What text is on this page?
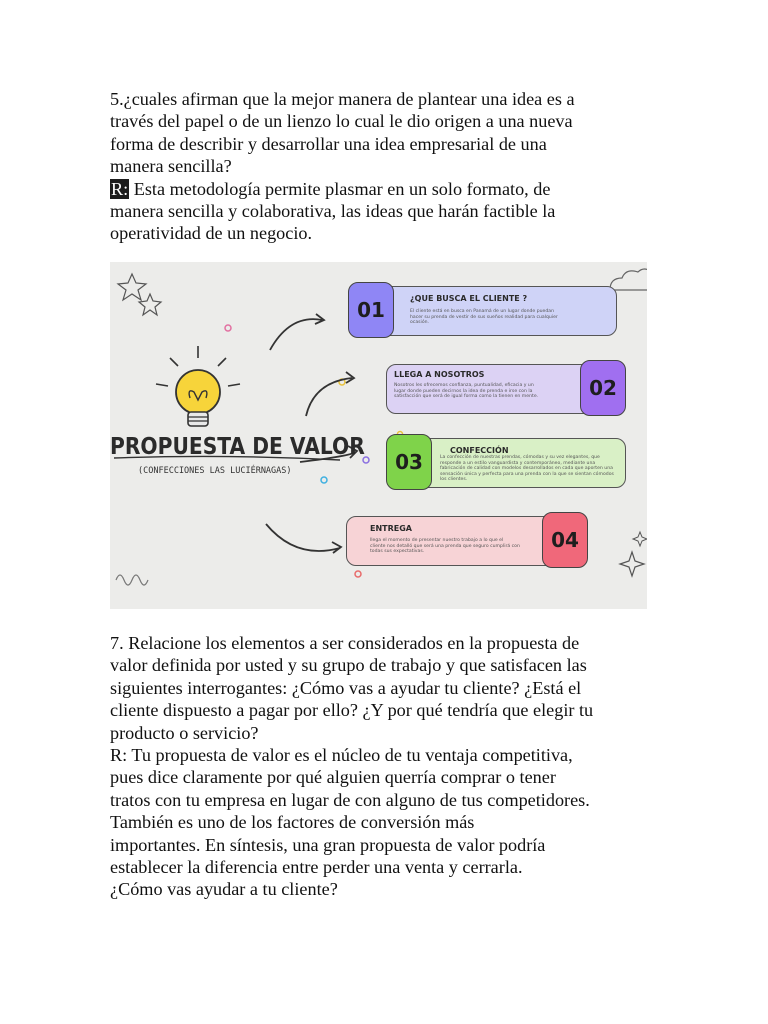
5.¿cuales afirman que la mejor manera de plantear una idea es a
través del papel o de un lienzo lo cual le dio origen a una nueva
forma de describir y desarrollar una idea empresarial de una
manera sencilla?
R: Esta metodología permite plasmar en un solo formato, de
manera sencilla y colaborativa, las ideas que harán factible la
operatividad de un negocio.
PROPUESTA DE VALOR
(CONFECCIONES LAS LUCIÉRNAGAS)
01	¿QUE BUSCA EL CLIENTE ?
El cliente está en busca en Panamá de un lugar donde puedan hacer su prenda de vestir de sus sueños realidad para cualquier ocasión.
02
LLEGA A NOSOTROS
Nosotros les ofrecemos confianza, puntualidad, eficacia y un lugar donde pueden decirnos la idea de prenda e irse con la satisfacción que será de igual forma como la tienen en mente.
03	CONFECCIÓN
La confección de nuestras prendas, cómodas y su vez elegantes, que responde a un estilo vanguardista y contemporáneo, mediante una fabricación de calidad con modelos desarrollados en cada que aporten una sensación única y perfecta para una prenda con la que se sientan cómodos los clientes.
04
ENTREGA
llega el momento de presentar nuestro trabajo a lo que el cliente nos detalló que será una prenda que seguro cumplirá con todas sus expectativas.
7. Relacione los elementos a ser considerados en la propuesta de
valor definida por usted y su grupo de trabajo y que satisfacen las
siguientes interrogantes: ¿Cómo vas a ayudar tu cliente? ¿Está el
cliente dispuesto a pagar por ello? ¿Y por qué tendría que elegir tu
producto o servicio?
R: Tu propuesta de valor es el núcleo de tu ventaja competitiva,
pues dice claramente por qué alguien querría comprar o tener
tratos con tu empresa en lugar de con alguno de tus competidores.
También es uno de los factores de conversión más
importantes. En síntesis, una gran propuesta de valor podría
establecer la diferencia entre perder una venta y cerrarla.
¿Cómo vas ayudar a tu cliente?
